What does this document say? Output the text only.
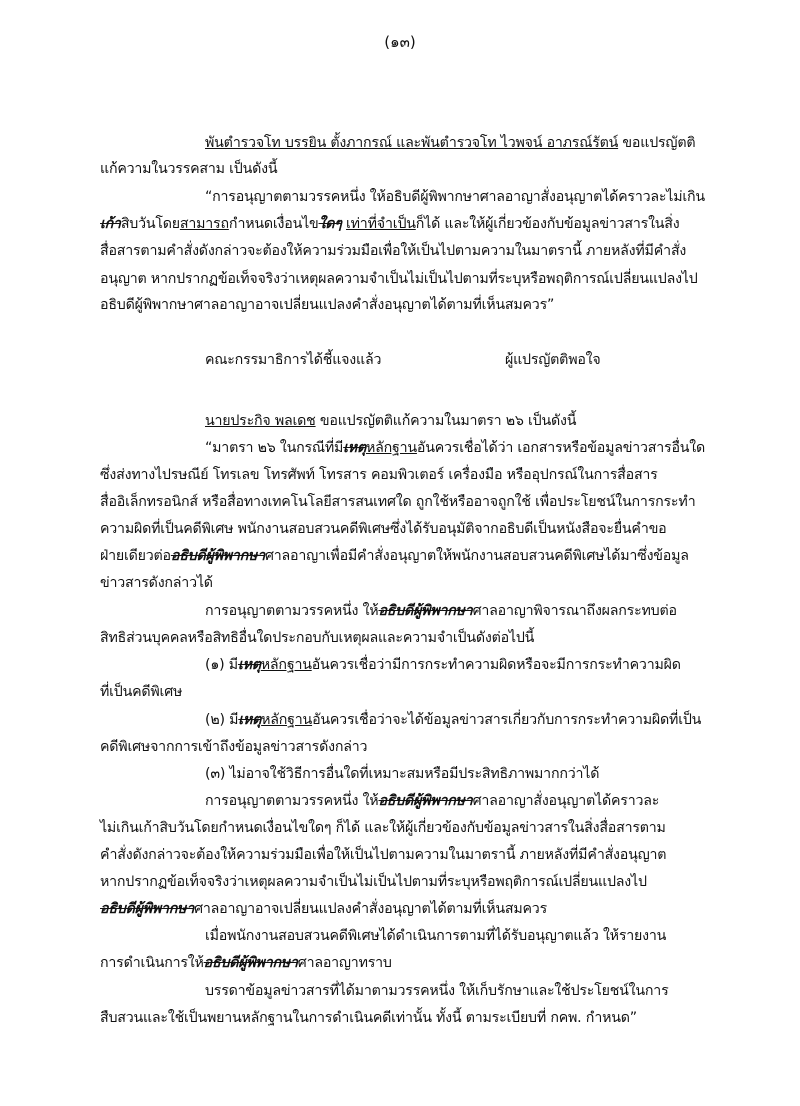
(๑๓)
พันตำรวจโท บรรยิน ตั้งภากรณ์ และพันตำรวจโท ไวพจน์ อาภรณ์รัตน์ ขอแปรญัตติ
แก้ความในวรรคสาม เป็นดังนี้
“การอนุญาตตามวรรคหนึ่ง ให้อธิบดีผู้พิพากษาศาลอาญาสั่งอนุญาตได้คราวละไม่เกิน
เก้าสิบวันโดยสามารถกำหนดเงื่อนไขใดๆ เท่าที่จำเป็นก็ได้ และให้ผู้เกี่ยวข้องกับข้อมูลข่าวสารในสิ่ง
สื่อสารตามคำสั่งดังกล่าวจะต้องให้ความร่วมมือเพื่อให้เป็นไปตามความในมาตรานี้ ภายหลังที่มีคำสั่ง
อนุญาต หากปรากฏข้อเท็จจริงว่าเหตุผลความจำเป็นไม่เป็นไปตามที่ระบุหรือพฤติการณ์เปลี่ยนแปลงไป
อธิบดีผู้พิพากษาศาลอาญาอาจเปลี่ยนแปลงคำสั่งอนุญาตได้ตามที่เห็นสมควร”
คณะกรรมาธิการได้ชี้แจงแล้ว
นายประกิจ พลเดช ขอแปรญัตติแก้ความในมาตรา ๒๖ เป็นดังนี้
“มาตรา ๒๖ ในกรณีที่มีเหตุหลักฐานอันควรเชื่อได้ว่า เอกสารหรือข้อมูลข่าวสารอื่นใด
ซึ่งส่งทางไปรษณีย์ โทรเลข โทรศัพท์ โทรสาร คอมพิวเตอร์ เครื่องมือ หรืออุปกรณ์ในการสื่อสาร
สื่ออิเล็กทรอนิกส์ หรือสื่อทางเทคโนโลยีสารสนเทศใด ถูกใช้หรืออาจถูกใช้ เพื่อประโยชน์ในการกระทำ
ความผิดที่เป็นคดีพิเศษ พนักงานสอบสวนคดีพิเศษซึ่งได้รับอนุมัติจากอธิบดีเป็นหนังสือจะยื่นคำขอ
ฝ่ายเดียวต่ออธิบดีผู้พิพากษาศาลอาญาเพื่อมีคำสั่งอนุญาตให้พนักงานสอบสวนคดีพิเศษได้มาซึ่งข้อมูล
ข่าวสารดังกล่าวได้
การอนุญาตตามวรรคหนึ่ง ให้อธิบดีผู้พิพากษาศาลอาญาพิจารณาถึงผลกระทบต่อ
สิทธิส่วนบุคคลหรือสิทธิอื่นใดประกอบกับเหตุผลและความจำเป็นดังต่อไปนี้
(๑) มีเหตุหลักฐานอันควรเชื่อว่ามีการกระทำความผิดหรือจะมีการกระทำความผิด
ที่เป็นคดีพิเศษ
(๒) มีเหตุหลักฐานอันควรเชื่อว่าจะได้ข้อมูลข่าวสารเกี่ยวกับการกระทำความผิดที่เป็น
คดีพิเศษจากการเข้าถึงข้อมูลข่าวสารดังกล่าว
(๓) ไม่อาจใช้วิธีการอื่นใดที่เหมาะสมหรือมีประสิทธิภาพมากกว่าได้
การอนุญาตตามวรรคหนึ่ง ให้อธิบดีผู้พิพากษาศาลอาญาสั่งอนุญาตได้คราวละ
ไม่เกินเก้าสิบวันโดยกำหนดเงื่อนไขใดๆ ก็ได้ และให้ผู้เกี่ยวข้องกับข้อมูลข่าวสารในสิ่งสื่อสารตาม
คำสั่งดังกล่าวจะต้องให้ความร่วมมือเพื่อให้เป็นไปตามความในมาตรานี้ ภายหลังที่มีคำสั่งอนุญาต
หากปรากฏข้อเท็จจริงว่าเหตุผลความจำเป็นไม่เป็นไปตามที่ระบุหรือพฤติการณ์เปลี่ยนแปลงไป
อธิบดีผู้พิพากษาศาลอาญาอาจเปลี่ยนแปลงคำสั่งอนุญาตได้ตามที่เห็นสมควร
เมื่อพนักงานสอบสวนคดีพิเศษได้ดำเนินการตามที่ได้รับอนุญาตแล้ว ให้รายงาน
การดำเนินการให้อธิบดีผู้พิพากษาศาลอาญาทราบ
บรรดาข้อมูลข่าวสารที่ได้มาตามวรรคหนึ่ง ให้เก็บรักษาและใช้ประโยชน์ในการ
สืบสวนและใช้เป็นพยานหลักฐานในการดำเนินคดีเท่านั้น ทั้งนี้ ตามระเบียบที่ กคพ. กำหนด”
ผู้แปรญัตติพอใจ
